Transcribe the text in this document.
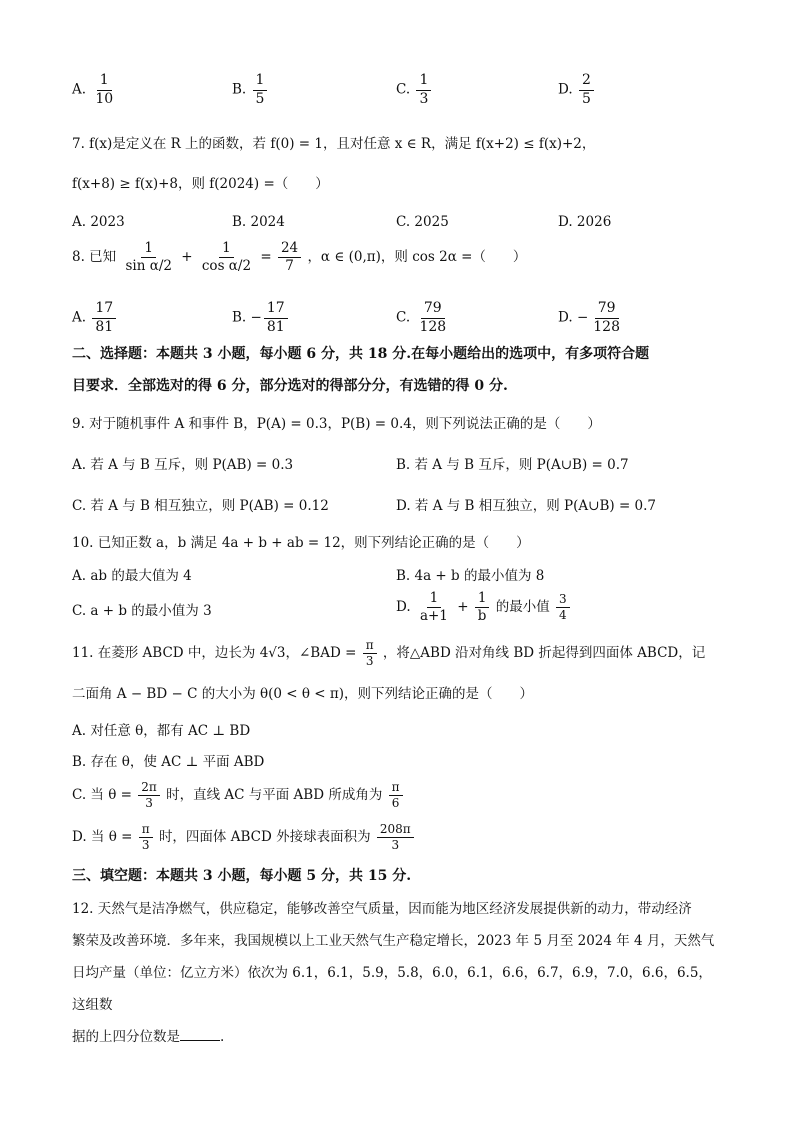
A. $\frac{1}{10}$	B. $\frac{1}{5}$	C. $\frac{1}{3}$	D. $\frac{2}{5}$
7. f(x)是定义在 R 上的函数，若 f(0) = 1，且对任意 x ∈ R，满足 f(x+2) ≤ f(x)+2，
f(x+8) ≥ f(x)+8，则 f(2024) =（　　）
A. 2023	B. 2024	C. 2025	D. 2026
8. 已知 $\frac{1}{\text{sin α/2}} + \frac{1}{\text{cos α/2}} = \frac{24}{7}$ ，α ∈ (0,π)，则 cos 2α =（　　）
A. $\frac{17}{81}$	B. − $\frac{17}{81}$	C. $\frac{79}{128}$	D. − $\frac{79}{128}$
二、选择题：本题共 3 小题，每小题 6 分，共 18 分.在每小题给出的选项中，有多项符合题
目要求．全部选对的得 6 分，部分选对的得部分分，有选错的得 0 分.
9. 对于随机事件 A 和事件 B，P(A) = 0.3，P(B) = 0.4，则下列说法正确的是（　　）
A. 若 A 与 B 互斥，则 P(AB) = 0.3	B. 若 A 与 B 互斥，则 P(A∪B) = 0.7
C. 若 A 与 B 相互独立，则 P(AB) = 0.12	D. 若 A 与 B 相互独立，则 P(A∪B) = 0.7
10. 已知正数 a，b 满足 4a + b + ab = 12，则下列结论正确的是（　　）
A. ab 的最大值为 4	B. 4a + b 的最小值为 8
C. a + b 的最小值为 3	D. $\frac{1}{a+1} + \frac{1}{b}$ 的最小值 $\frac{3}{4}$
11. 在菱形 ABCD 中，边长为 4√3，∠BAD = $\frac{\pi}{3}$ ，将△ABD 沿对角线 BD 折起得到四面体 ABCD，记
二面角 A − BD − C 的大小为 θ(0 < θ < π)，则下列结论正确的是（　　）
A. 对任意 θ，都有 AC ⊥ BD
B. 存在 θ，使 AC ⊥ 平面 ABD
C. 当 $\theta = \frac{2\pi}{3}$ 时，直线 AC 与平面 ABD 所成角为 $\frac{\pi}{6}$
D. 当 $\theta = \frac{\pi}{3}$ 时，四面体 ABCD 外接球表面积为 $\frac{208\pi}{3}$
三、填空题：本题共 3 小题，每小题 5 分，共 15 分.
12. 天然气是洁净燃气，供应稳定，能够改善空气质量，因而能为地区经济发展提供新的动力，带动经济
繁荣及改善环境．多年来，我国规模以上工业天然气生产稳定增长，2023 年 5 月至 2024 年 4 月，天然气
日均产量（单位：亿立方米）依次为 6.1，6.1，5.9，5.8，6.0，6.1，6.6，6.7，6.9，7.0，6.6，6.5，这组数
据的上四分位数是	.
